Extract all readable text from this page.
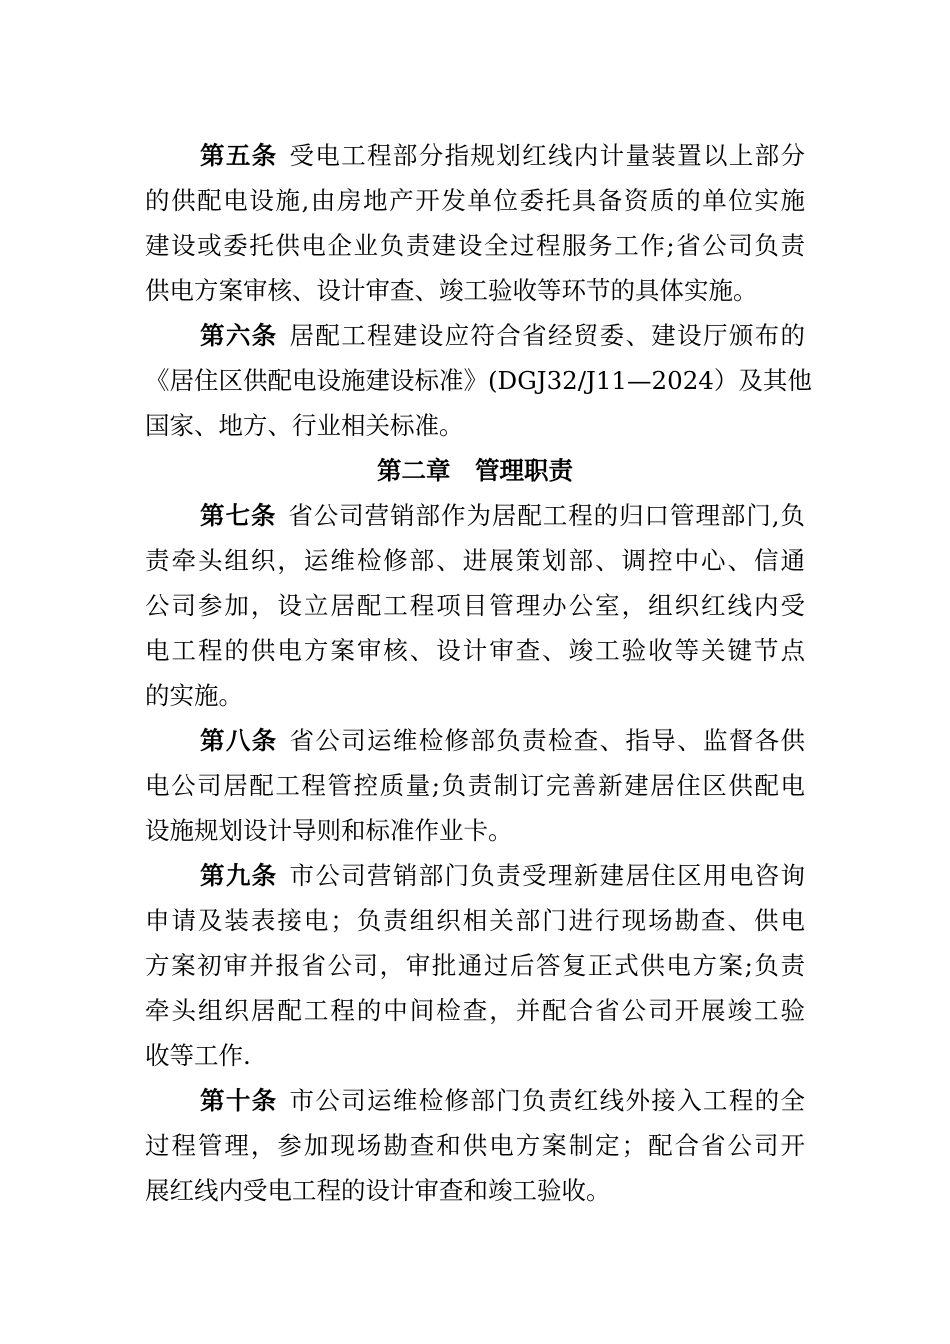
第五条 受电工程部分指规划红线内计量装置以上部分
的供配电设施,由房地产开发单位委托具备资质的单位实施
建设或委托供电企业负责建设全过程服务工作;省公司负责
供电方案审核、设计审查、竣工验收等环节的具体实施。
第六条 居配工程建设应符合省经贸委、建设厅颁布的
《居住区供配电设施建设标准》(DGJ32/J11—2024）及其他
国家、地方、行业相关标准。
第二章　管理职责
第七条 省公司营销部作为居配工程的归口管理部门,负
责牵头组织，运维检修部、进展策划部、调控中心、信通
公司参加，设立居配工程项目管理办公室，组织红线内受
电工程的供电方案审核、设计审查、竣工验收等关键节点
的实施。
第八条 省公司运维检修部负责检查、指导、监督各供
电公司居配工程管控质量;负责制订完善新建居住区供配电
设施规划设计导则和标准作业卡。
第九条 市公司营销部门负责受理新建居住区用电咨询
申请及装表接电；负责组织相关部门进行现场勘查、供电
方案初审并报省公司，审批通过后答复正式供电方案;负责
牵头组织居配工程的中间检查，并配合省公司开展竣工验
收等工作.
第十条 市公司运维检修部门负责红线外接入工程的全
过程管理，参加现场勘查和供电方案制定；配合省公司开
展红线内受电工程的设计审查和竣工验收。
